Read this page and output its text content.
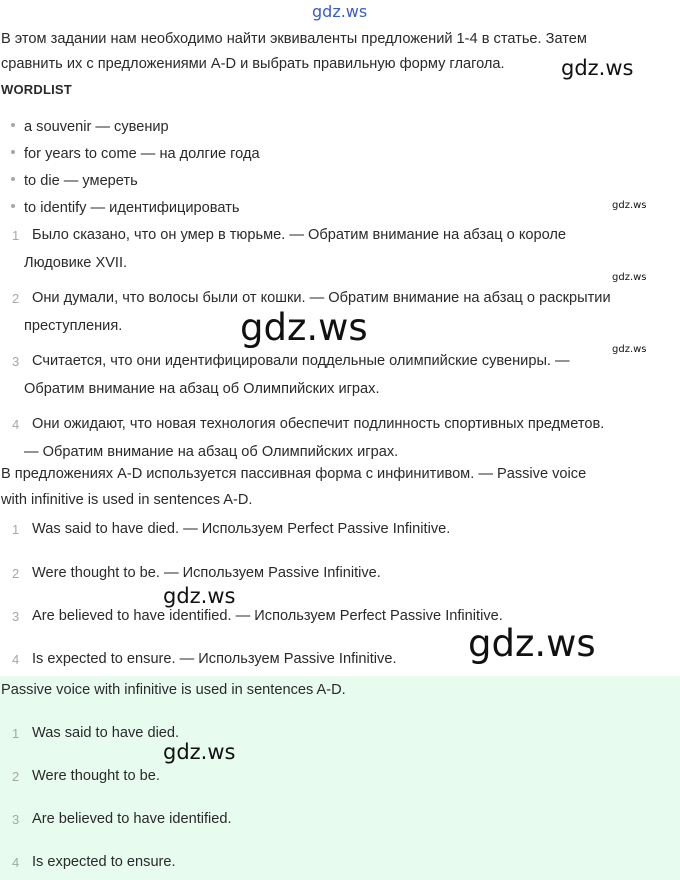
gdz.ws
gdz.ws
gdz.ws
gdz.ws
gdz.ws
gdz.ws
gdz.ws
gdz.ws
gdz.ws
В этом задании нам необходимо найти эквиваленты предложений 1-4 в статье. Затем
сравнить их с предложениями A-D и выбрать правильную форму глагола.
WORDLIST
a souvenir — сувенир
for years to come — на долгие года
to die — умереть
to identify — идентифицировать
1 Было сказано, что он умер в тюрьме. — Обратим внимание на абзац о короле
Людовике XVII.
2 Они думали, что волосы были от кошки. — Обратим внимание на абзац о раскрытии
преступления.
3 Считается, что они идентифицировали поддельные олимпийские сувениры. —
Обратим внимание на абзац об Олимпийских играх.
4 Они ожидают, что новая технология обеспечит подлинность спортивных предметов.
— Обратим внимание на абзац об Олимпийских играх.
В предложениях A-D используется пассивная форма с инфинитивом. — Passive voice
with infinitive is used in sentences A-D.
1 Was said to have died. — Используем Perfect Passive Infinitive.
2 Were thought to be. — Используем Passive Infinitive.
3 Are believed to have identified. — Используем Perfect Passive Infinitive.
4 Is expected to ensure. — Используем Passive Infinitive.
Passive voice with infinitive is used in sentences A-D.
1 Was said to have died.
2 Were thought to be.
3 Are believed to have identified.
4 Is expected to ensure.
